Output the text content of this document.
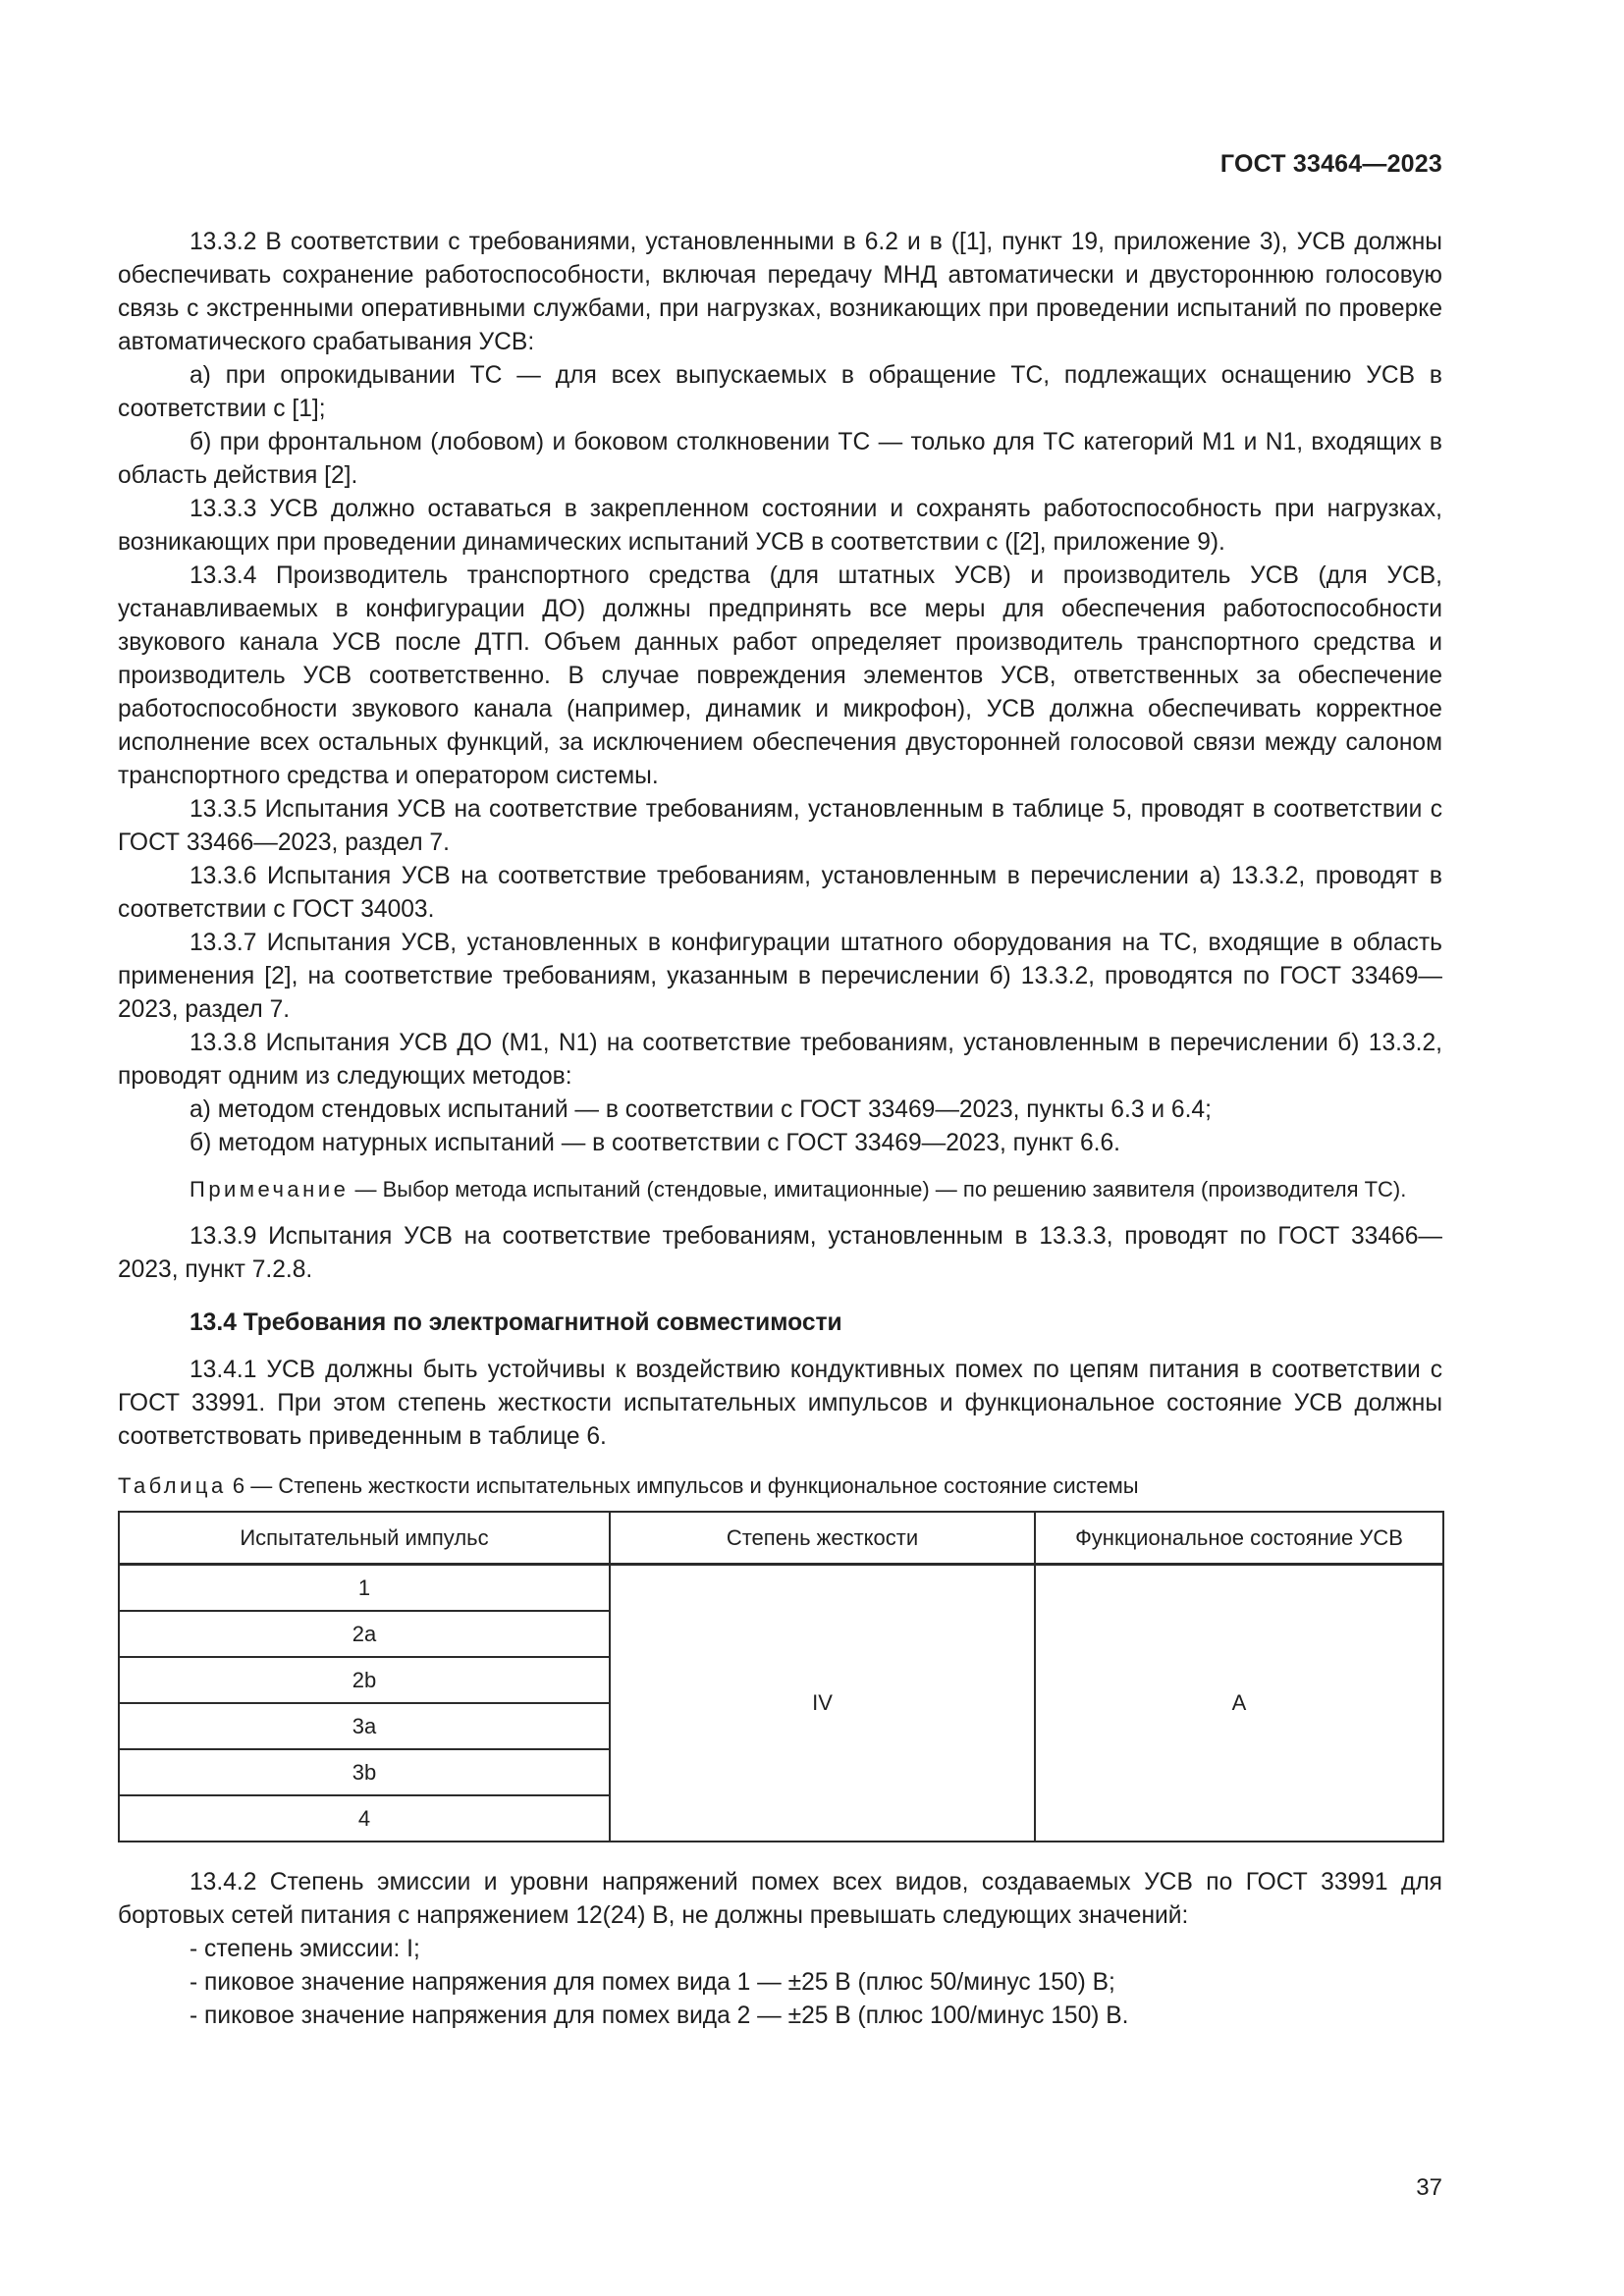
ГОСТ 33464—2023

13.3.2 В соответствии с требованиями, установленными в 6.2 и в ([1], пункт 19, приложение 3), УСВ должны обеспечивать сохранение работоспособности, включая передачу МНД автоматически и двустороннюю голосовую связь с экстренными оперативными службами, при нагрузках, возникающих при проведении испытаний по проверке автоматического срабатывания УСВ:

а) при опрокидывании ТС — для всех выпускаемых в обращение ТС, подлежащих оснащению УСВ в соответствии с [1];

б) при фронтальном (лобовом) и боковом столкновении ТС — только для ТС категорий М1 и N1, входящих в область действия [2].

13.3.3 УСВ должно оставаться в закрепленном состоянии и сохранять работоспособность при нагрузках, возникающих при проведении динамических испытаний УСВ в соответствии с ([2], приложение 9).

13.3.4 Производитель транспортного средства (для штатных УСВ) и производитель УСВ (для УСВ, устанавливаемых в конфигурации ДО) должны предпринять все меры для обеспечения работоспособности звукового канала УСВ после ДТП. Объем данных работ определяет производитель транспортного средства и производитель УСВ соответственно. В случае повреждения элементов УСВ, ответственных за обеспечение работоспособности звукового канала (например, динамик и микрофон), УСВ должна обеспечивать корректное исполнение всех остальных функций, за исключением обеспечения двусторонней голосовой связи между салоном транспортного средства и оператором системы.

13.3.5 Испытания УСВ на соответствие требованиям, установленным в таблице 5, проводят в соответствии с ГОСТ 33466—2023, раздел 7.

13.3.6 Испытания УСВ на соответствие требованиям, установленным в перечислении а) 13.3.2, проводят в соответствии с ГОСТ 34003.

13.3.7 Испытания УСВ, установленных в конфигурации штатного оборудования на ТС, входящие в область применения [2], на соответствие требованиям, указанным в перечислении б) 13.3.2, проводятся по ГОСТ 33469—2023, раздел 7.

13.3.8 Испытания УСВ ДО (М1, N1) на соответствие требованиям, установленным в перечислении б) 13.3.2, проводят одним из следующих методов:

а) методом стендовых испытаний — в соответствии с ГОСТ 33469—2023, пункты 6.3 и 6.4;

б) методом натурных испытаний — в соответствии с ГОСТ 33469—2023, пункт 6.6.

Примечание — Выбор метода испытаний (стендовые, имитационные) — по решению заявителя (производителя ТС).

13.3.9 Испытания УСВ на соответствие требованиям, установленным в 13.3.3, проводят по ГОСТ 33466—2023, пункт 7.2.8.

13.4 Требования по электромагнитной совместимости

13.4.1 УСВ должны быть устойчивы к воздействию кондуктивных помех по цепям питания в соответствии с ГОСТ 33991. При этом степень жесткости испытательных импульсов и функциональное состояние УСВ должны соответствовать приведенным в таблице 6.

Таблица 6 — Степень жесткости испытательных импульсов и функциональное состояние системы

Испытательный импульс	Степень жесткости	Функциональное состояние УСВ
1	IV	A
2a		
2b		
3a		
3b		
4		

13.4.2 Степень эмиссии и уровни напряжений помех всех видов, создаваемых УСВ по ГОСТ 33991 для бортовых сетей питания с напряжением 12(24) В, не должны превышать следующих значений:

- степень эмиссии: I;

- пиковое значение напряжения для помех вида 1 — ±25 В (плюс 50/минус 150) В;

- пиковое значение напряжения для помех вида 2 — ±25 В (плюс 100/минус 150) В.

37
